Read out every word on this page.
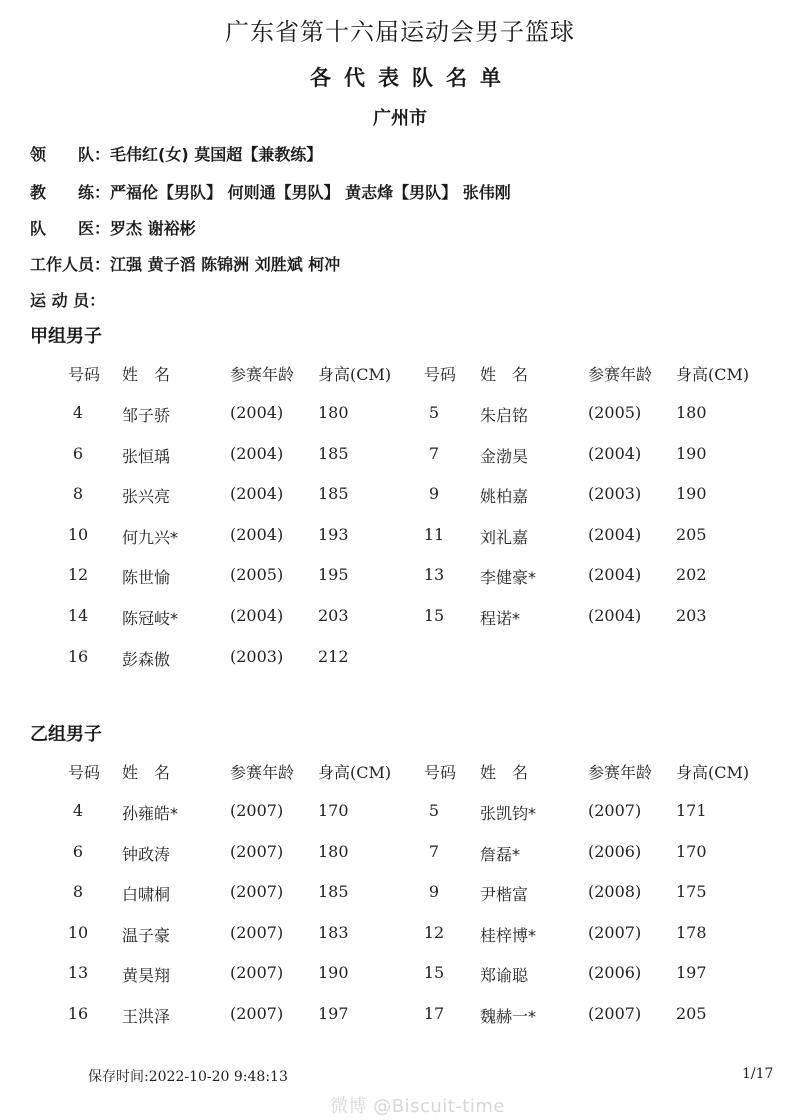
广东省第十六届运动会男子篮球
各代表队名单
广州市
领　　队：毛伟红(女) 莫国超【兼教练】
教　　练：严福伦【男队】 何则通【男队】 黄志烽【男队】 张伟刚
队　　医：罗杰 谢裕彬
工作人员：江强 黄子滔 陈锦洲 刘胜斌 柯冲
运 动 员：
甲组男子
号码 姓　名	参赛年龄 身高(CM) 号码 姓　名	参赛年龄 身高(CM)
4	邹子骄	(2004) 180	5	朱启铭	(2005) 180
6	张恒瑀	(2004) 185	7	金渤昊	(2004) 190
8	张兴亮	(2004) 185	9	姚柏嘉	(2003) 190
10	何九兴*	(2004) 193	11	刘礼嘉	(2004) 205
12	陈世愉	(2005) 195	13	李健豪*	(2004) 202
14	陈冠岐*	(2004) 203	15	程诺*	(2004) 203
16	彭森傲	(2003) 212
乙组男子
号码 姓　名	参赛年龄 身高(CM) 号码 姓　名	参赛年龄 身高(CM)
4	孙雍皓*	(2007) 170	5	张凯钧*	(2007) 171
6	钟政涛	(2007) 180	7	詹磊*	(2006) 170
8	白啸桐	(2007) 185	9	尹楷富	(2008) 175
10	温子豪	(2007) 183	12	桂梓博*	(2007) 178
13	黄昊翔	(2007) 190	15	郑谕聪	(2006) 197
16	王洪泽	(2007) 197	17	魏赫一*	(2007) 205
保存时间:2022-10-20 9:48:13	1/17
微博 @Biscuit-time
